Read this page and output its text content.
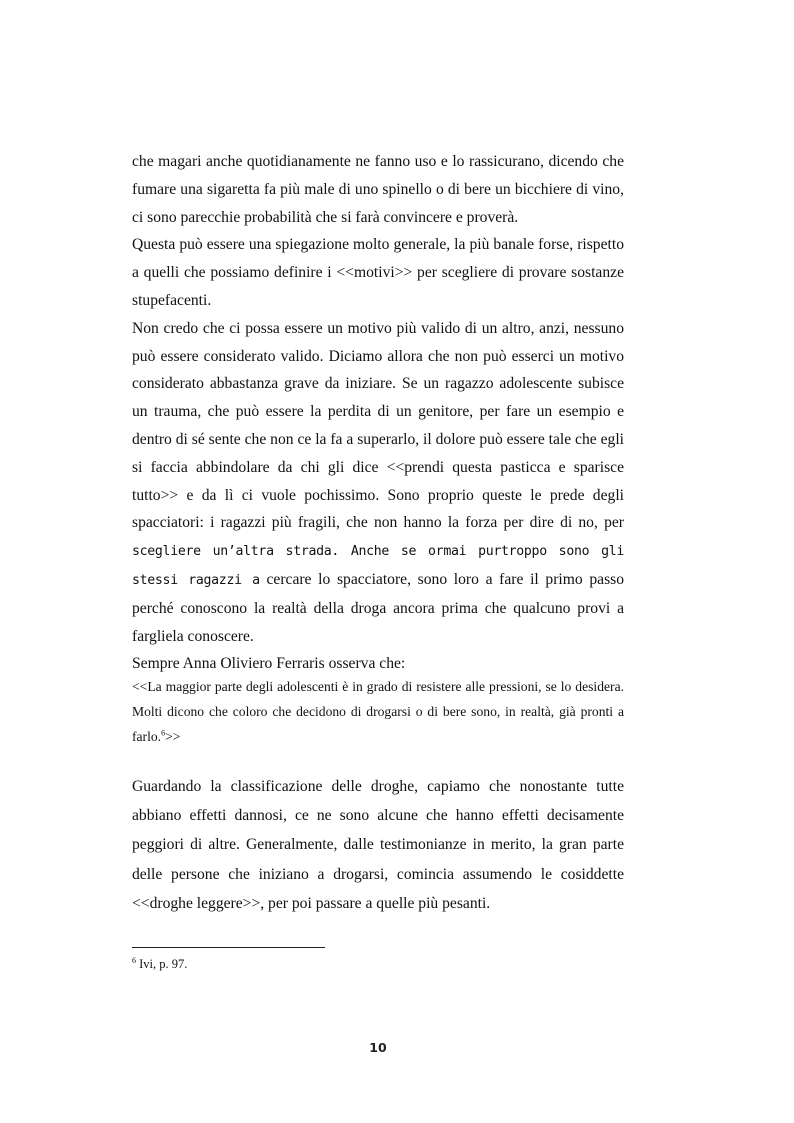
che magari anche quotidianamente ne fanno uso e lo rassicurano, dicendo che fumare una sigaretta fa più male di uno spinello o di bere un bicchiere di vino, ci sono parecchie probabilità che si farà convincere e proverà.

Questa può essere una spiegazione molto generale, la più banale forse, rispetto a quelli che possiamo definire i <<motivi>> per scegliere di provare sostanze stupefacenti.

Non credo che ci possa essere un motivo più valido di un altro, anzi, nessuno può essere considerato valido. Diciamo allora che non può esserci un motivo considerato abbastanza grave da iniziare. Se un ragazzo adolescente subisce un trauma, che può essere la perdita di un genitore, per fare un esempio e dentro di sé sente che non ce la fa a superarlo, il dolore può essere tale che egli si faccia abbindolare da chi gli dice <<prendi questa pasticca e sparisce tutto>> e da lì ci vuole pochissimo. Sono proprio queste le prede degli spacciatori: i ragazzi più fragili, che non hanno la forza per dire di no, per scegliere un’altra strada. Anche se ormai purtroppo sono gli stessi ragazzi a cercare lo spacciatore, sono loro a fare il primo passo perché conoscono la realtà della droga ancora prima che qualcuno provi a fargliela conoscere.

Sempre Anna Oliviero Ferraris osserva che:

<<La maggior parte degli adolescenti è in grado di resistere alle pressioni, se lo desidera. Molti dicono che coloro che decidono di drogarsi o di bere sono, in realtà, già pronti a farlo.$^6$>>
Guardando la classificazione delle droghe, capiamo che nonostante tutte abbiano effetti dannosi, ce ne sono alcune che hanno effetti decisamente peggiori di altre. Generalmente, dalle testimonianze in merito, la gran parte delle persone che iniziano a drogarsi, comincia assumendo le cosiddette <<droghe leggere>>, per poi passare a quelle più pesanti.
$^6$ Ivi, p. 97.
10
